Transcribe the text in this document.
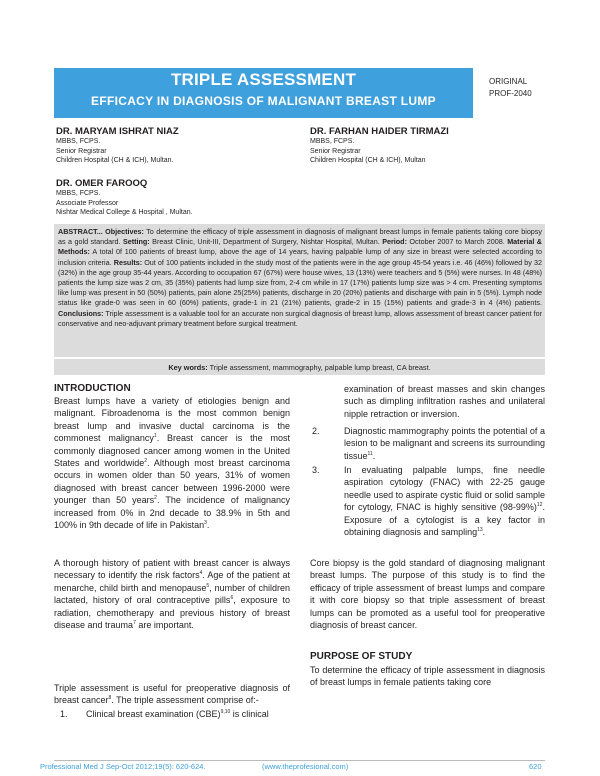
TRIPLE ASSESSMENT
EFFICACY IN DIAGNOSIS OF MALIGNANT BREAST LUMP
ORIGINAL
PROF-2040
DR. MARYAM ISHRAT NIAZ
MBBS, FCPS.
Senior Registrar
Children Hospital (CH & ICH), Multan.
DR. FARHAN HAIDER TIRMAZI
MBBS, FCPS.
Senior Registrar
Children Hospital (CH & ICH), Multan
DR. OMER FAROOQ
MBBS, FCPS.
Associate Professor
Nishtar Medical College & Hospital , Multan.
ABSTRACT... Objectives: To determine the efficacy of triple assessment in diagnosis of malignant breast lumps in female patients taking core biopsy as a gold standard. Setting: Breast Clinic, Unit-III, Department of Surgery, Nishtar Hospital, Multan. Period: October 2007 to March 2008. Material & Methods: A total 0f 100 patients of breast lump, above the age of 14 years, having palpable lump of any size in breast were selected according to inclusion criteria. Results: Out of 100 patients included in the study most of the patients were in the age group 45-54 years i.e. 46 (46%) followed by 32 (32%) in the age group 35-44 years. According to occupation 67 (67%) were house wives, 13 (13%) were teachers and 5 (5%) were nurses. In 48 (48%) patients the lump size was 2 cm, 35 (35%) patients had lump size from, 2-4 cm while in 17 (17%) patients lump size was > 4 cm. Presenting symptoms like lump was present in 50 (50%) patients, pain alone 25(25%) patients, discharge in 20 (20%) patients and discharge with pain in 5 (5%). Lymph node status like grade-0 was seen in 60 (60%) patients, grade-1 in 21 (21%) patients, grade-2 in 15 (15%) patients and grade-3 in 4 (4%) patients. Conclusions: Triple assessment is a valuable tool for an accurate non surgical diagnosis of breast lump, allows assessment of breast cancer patient for conservative and neo-adjuvant primary treatment before surgical treatment.
Key words: Triple assessment, mammography, palpable lump breast, CA breast.
INTRODUCTION
Breast lumps have a variety of etiologies benign and malignant. Fibroadenoma is the most common benign breast lump and invasive ductal carcinoma is the commonest malignancy$^1$. Breast cancer is the most commonly diagnosed cancer among women in the United States and worldwide$^2$. Although most breast carcinoma occurs in women older than 50 years, 31% of women diagnosed with breast cancer between 1996-2000 were younger than 50 years$^2$. The incidence of malignancy increased from 0% in 2nd decade to 38.9% in 5th and 100% in 9th decade of life in Pakistan$^3$.
A thorough history of patient with breast cancer is always necessary to identify the risk factors$^4$. Age of the patient at menarche, child birth and menopause$^5$, number of children lactated, history of oral contraceptive pills$^6$, exposure to radiation, chemotherapy and previous history of breast disease and trauma$^7$ are important.
Triple assessment is useful for preoperative diagnosis of breast cancer$^8$. The triple assessment comprise of:-
1. Clinical breast examination (CBE)$^{9,10}$ is clinical
examination of breast masses and skin changes such as dimpling infiltration rashes and unilateral nipple retraction or inversion.
2.	Diagnostic mammography points the potential of a lesion to be malignant and screens its surrounding tissue$^{11}$.
3.	In evaluating palpable lumps, fine needle aspiration cytology (FNAC) with 22-25 gauge needle used to aspirate cystic fluid or solid sample for cytology, FNAC is highly sensitive $(98-99\%)^{12}$. Exposure of a cytologist is a key factor in obtaining diagnosis and sampling$^{13}$.
Core biopsy is the gold standard of diagnosing malignant breast lumps. The purpose of this study is to find the efficacy of triple assessment of breast lumps and compare it with core biopsy so that triple assessment of breast lumps can be promoted as a useful tool for preoperative diagnosis of breast cancer.
PURPOSE OF STUDY
To determine the efficacy of triple assessment in diagnosis of breast lumps in female patients taking core
Professional Med J Sep-Oct 2012;19(5): 620-624.	(www.theprofesional.com)	620
